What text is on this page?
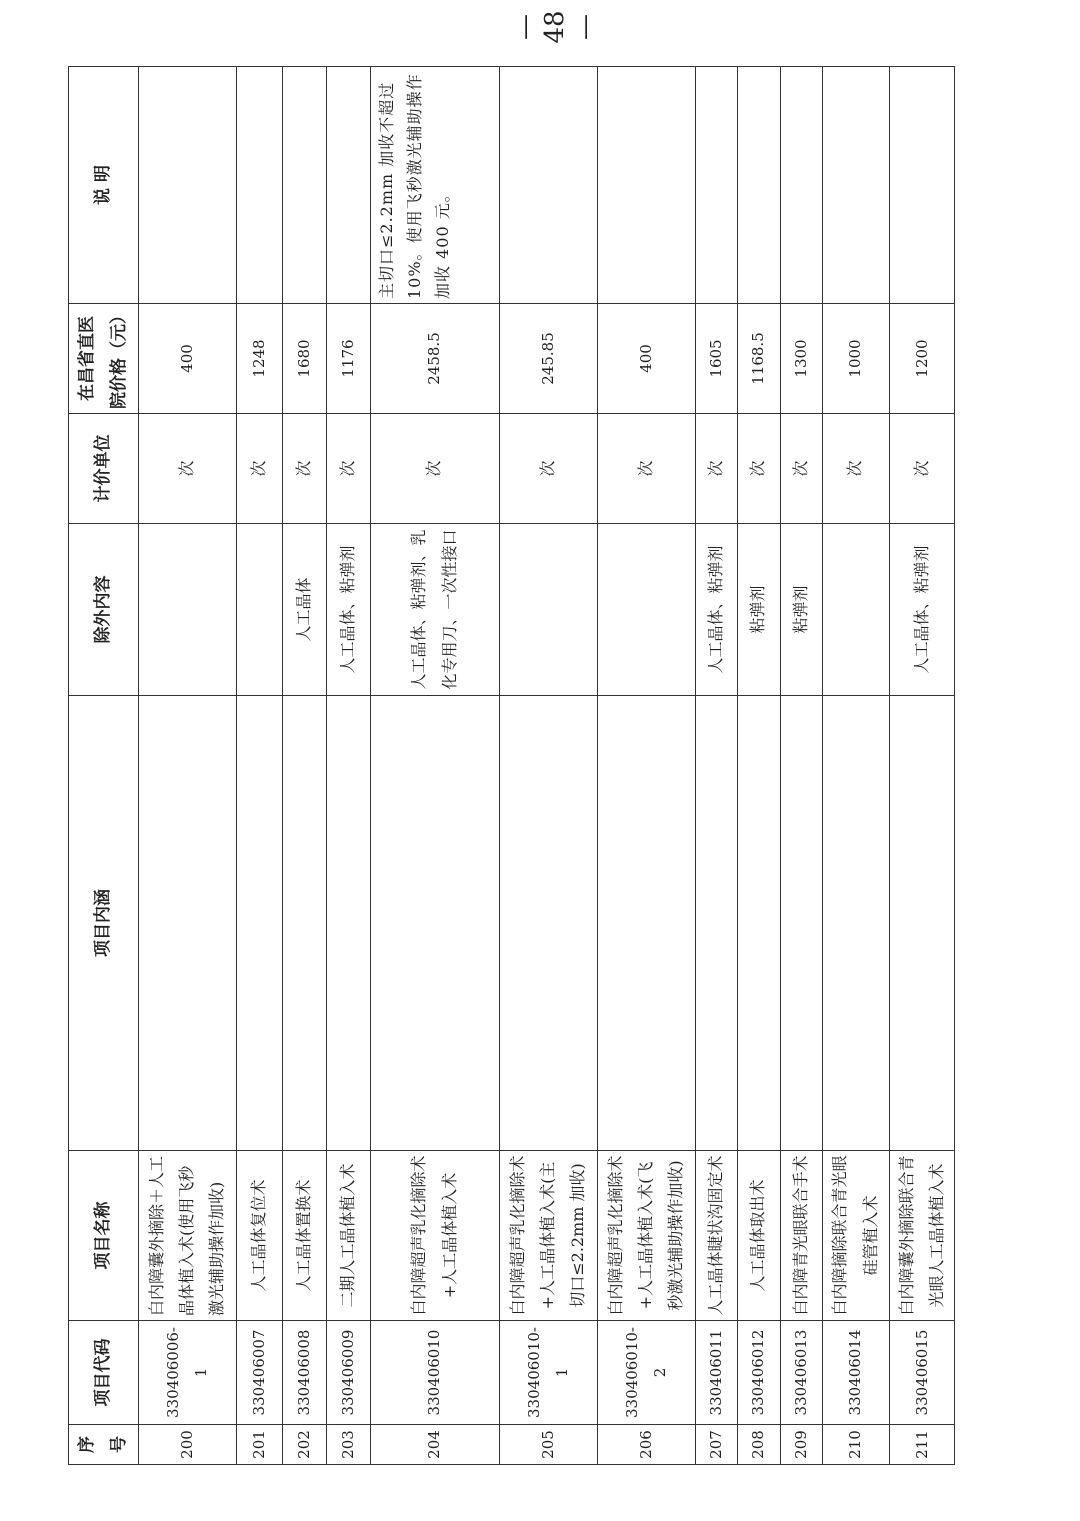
序号	项目代码	项目名称	项目内涵	除外内容	计价单位	在昌省直医院价格（元）	说 明
200	330406006-1	白内障囊外摘除＋人工晶体植入术(使用飞秒激光辅助操作加收)			次	400	
201	330406007	人工晶体复位术			次	1248	
202	330406008	人工晶体置换术		人工晶体	次	1680	
203	330406009	二期人工晶体植入术		人工晶体、粘弹剂	次	1176	
204	330406010	白内障超声乳化摘除术+人工晶体植入术		人工晶体、粘弹剂、乳化专用刀、一次性接口	次	2458.5	主切口≤2.2mm 加收不超过 10%。使用飞秒激光辅助操作加收 400 元。
205	330406010-1	白内障超声乳化摘除术+人工晶体植入术(主切口≤2.2mm 加收)			次	245.85	
206	330406010-2	白内障超声乳化摘除术+人工晶体植入术(飞秒激光辅助操作加收)			次	400	
207	330406011	人工晶体睫状沟固定术		人工晶体、粘弹剂	次	1605	
208	330406012	人工晶体取出术		粘弹剂	次	1168.5	
209	330406013	白内障青光眼联合手术		粘弹剂	次	1300	
210	330406014	白内障摘除联合青光眼硅管植入术			次	1000	
211	330406015	白内障囊外摘除联合青光眼人工晶体植入术		人工晶体、粘弹剂	次	1200	
— 48 —
